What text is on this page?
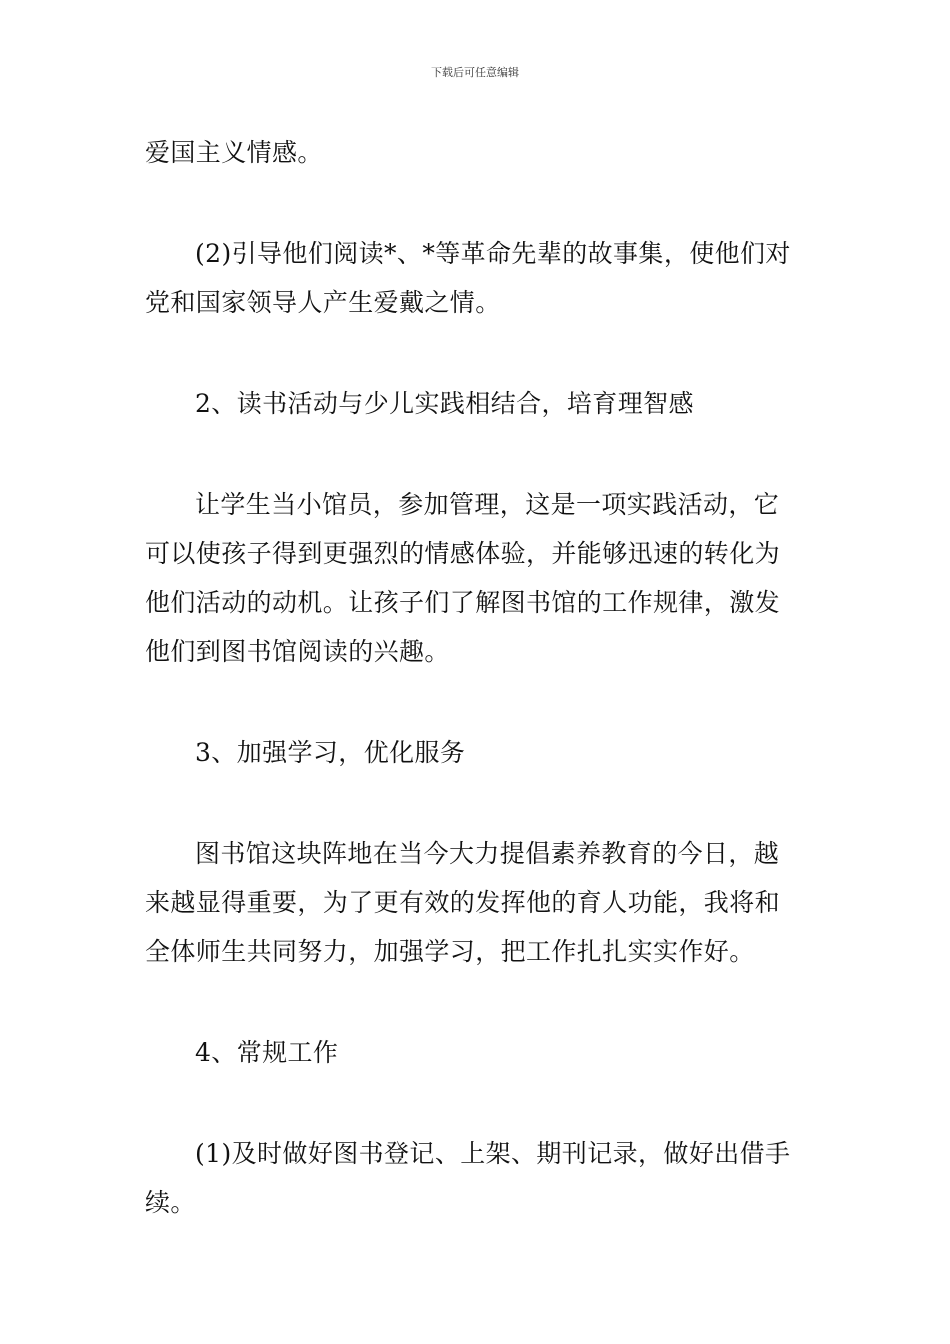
下载后可任意编辑
爱国主义情感。
(2)引导他们阅读*、*等革命先辈的故事集，使他们对
党和国家领导人产生爱戴之情。
2、读书活动与少儿实践相结合，培育理智感
让学生当小馆员，参加管理，这是一项实践活动，它
可以使孩子得到更强烈的情感体验，并能够迅速的转化为
他们活动的动机。让孩子们了解图书馆的工作规律，激发
他们到图书馆阅读的兴趣。
3、加强学习，优化服务
图书馆这块阵地在当今大力提倡素养教育的今日，越
来越显得重要，为了更有效的发挥他的育人功能，我将和
全体师生共同努力，加强学习，把工作扎扎实实作好。
4、常规工作
(1)及时做好图书登记、上架、期刊记录，做好出借手
续。
